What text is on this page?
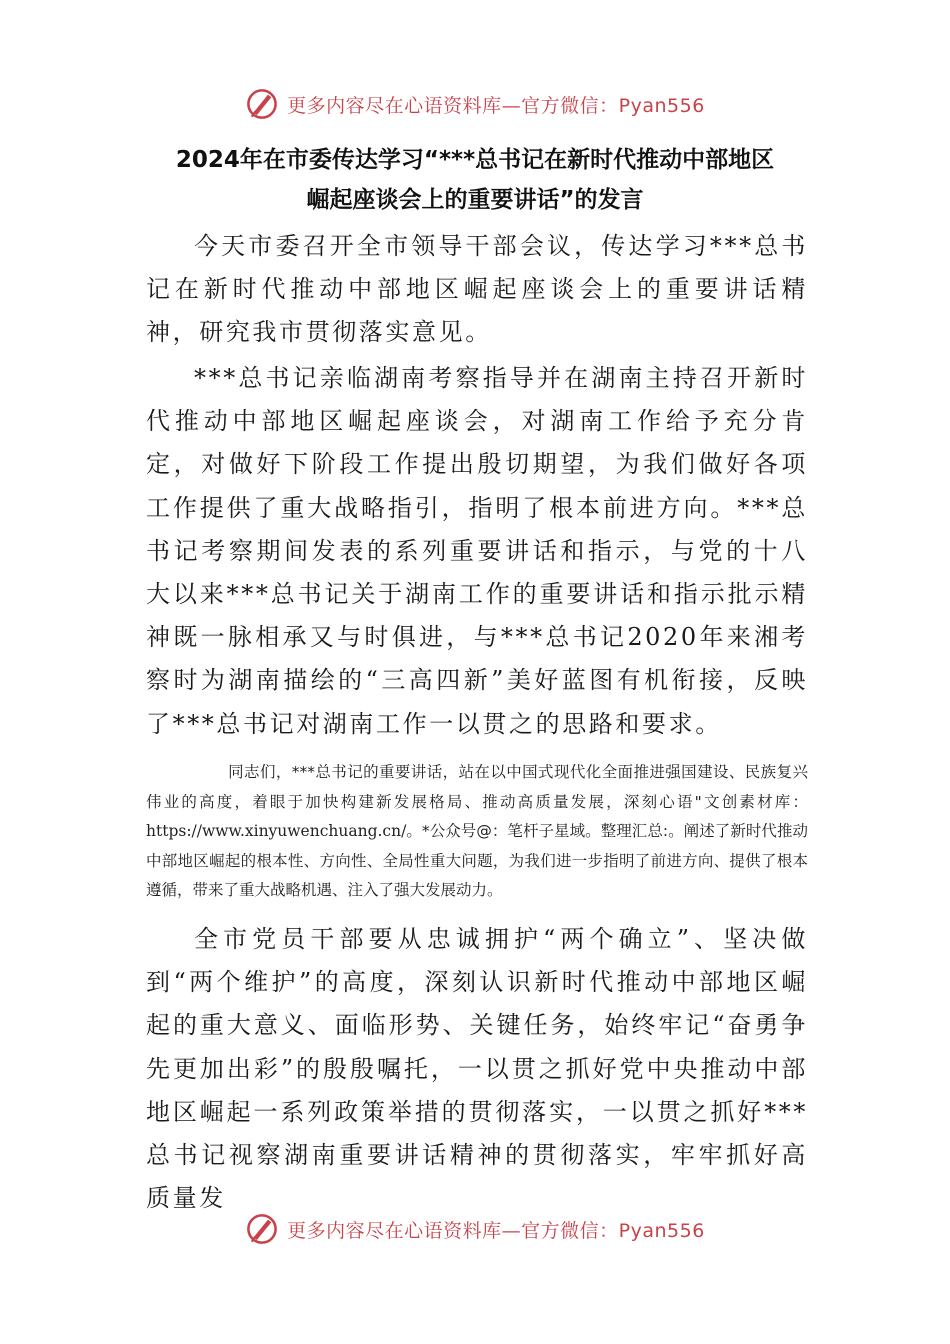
更多内容尽在心语资料库—官方微信：Pyan556
2024年在市委传达学习“***总书记在新时代推动中部地区
崛起座谈会上的重要讲话”的发言

今天市委召开全市领导干部会议，传达学习***总书记在新时代推动中部地区崛起座谈会上的重要讲话精神，研究我市贯彻落实意见。

***总书记亲临湖南考察指导并在湖南主持召开新时代推动中部地区崛起座谈会，对湖南工作给予充分肯定，对做好下阶段工作提出殷切期望，为我们做好各项工作提供了重大战略指引，指明了根本前进方向。***总书记考察期间发表的系列重要讲话和指示，与党的十八大以来***总书记关于湖南工作的重要讲话和指示批示精神既一脉相承又与时俱进，与***总书记2020年来湘考察时为湖南描绘的“三高四新”美好蓝图有机衔接，反映了***总书记对湖南工作一以贯之的思路和要求。

同志们，***总书记的重要讲话，站在以中国式现代化全面推进强国建设、民族复兴伟业的高度，着眼于加快构建新发展格局、推动高质量发展，深刻心语"文创素材库：https://www.xinyuwenchuang.cn/。*公众号@：笔杆子星域。整理汇总:。阐述了新时代推动中部地区崛起的根本性、方向性、全局性重大问题，为我们进一步指明了前进方向、提供了根本遵循，带来了重大战略机遇、注入了强大发展动力。

全市党员干部要从忠诚拥护“两个确立”、坚决做到“两个维护”的高度，深刻认识新时代推动中部地区崛起的重大意义、面临形势、关键任务，始终牢记“奋勇争先更加出彩”的殷殷嘱托，一以贯之抓好党中央推动中部地区崛起一系列政策举措的贯彻落实，一以贯之抓好***总书记视察湖南重要讲话精神的贯彻落实，牢牢抓好高质量发

更多内容尽在心语资料库—官方微信：Pyan556
